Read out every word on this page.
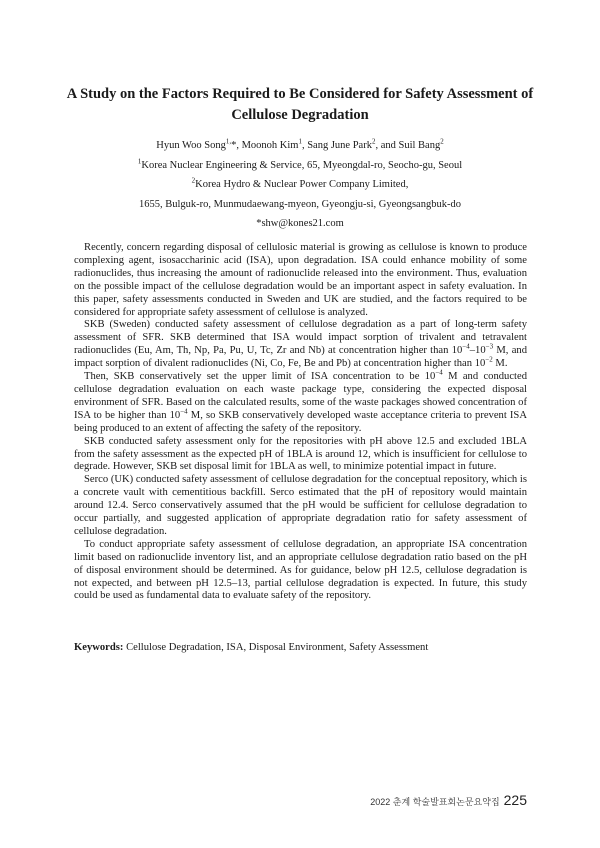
A Study on the Factors Required to Be Considered for Safety Assessment of
Cellulose Degradation
Hyun Woo Song$^{1,}$*, Moonoh Kim$^1$, Sang June Park$^2$, and Suil Bang$^2$
$^1$Korea Nuclear Engineering & Service, 65, Myeongdal-ro, Seocho-gu, Seoul
$^2$Korea Hydro & Nuclear Power Company Limited,
1655, Bulguk-ro, Munmudaewang-myeon, Gyeongju-si, Gyeongsangbuk-do
*shw@kones21.com

Recently, concern regarding disposal of cellulosic material is growing as cellulose is known to produce complexing agent, isosaccharinic acid (ISA), upon degradation. ISA could enhance mobility of some radionuclides, thus increasing the amount of radionuclide released into the environment. Thus, evaluation on the possible impact of the cellulose degradation would be an important aspect in safety evaluation. In this paper, safety assessments conducted in Sweden and UK are studied, and the factors required to be considered for appropriate safety assessment of cellulose is analyzed.

SKB (Sweden) conducted safety assessment of cellulose degradation as a part of long-term safety assessment of SFR. SKB determined that ISA would impact sorption of trivalent and tetravalent radionuclides (Eu, Am, Th, Np, Pa, Pu, U, Tc, Zr and Nb) at concentration higher than $10^{-4}-10^{-3}$ M, and impact sorption of divalent radionuclides (Ni, Co, Fe, Be and Pb) at concentration higher than $10^{-2}$ M.

Then, SKB conservatively set the upper limit of ISA concentration to be $10^{-4}$ M and conducted cellulose degradation evaluation on each waste package type, considering the expected disposal environment of SFR. Based on the calculated results, some of the waste packages showed concentration of ISA to be higher than $10^{-4}$ M, so SKB conservatively developed waste acceptance criteria to prevent ISA being produced to an extent of affecting the safety of the repository.

SKB conducted safety assessment only for the repositories with pH above 12.5 and excluded 1BLA from the safety assessment as the expected pH of 1BLA is around 12, which is insufficient for cellulose to degrade. However, SKB set disposal limit for 1BLA as well, to minimize potential impact in future.

Serco (UK) conducted safety assessment of cellulose degradation for the conceptual repository, which is a concrete vault with cementitious backfill. Serco estimated that the pH of repository would maintain around 12.4. Serco conservatively assumed that the pH would be sufficient for cellulose degradation to occur partially, and suggested application of appropriate degradation ratio for safety assessment of cellulose degradation.

To conduct appropriate safety assessment of cellulose degradation, an appropriate ISA concentration limit based on radionuclide inventory list, and an appropriate cellulose degradation ratio based on the pH of disposal environment should be determined. As for guidance, below pH 12.5, cellulose degradation is not expected, and between pH 12.5–13, partial cellulose degradation is expected. In future, this study could be used as fundamental data to evaluate safety of the repository.

Keywords: Cellulose Degradation, ISA, Disposal Environment, Safety Assessment
2022 춘계 학술발표회논문요약집 225
